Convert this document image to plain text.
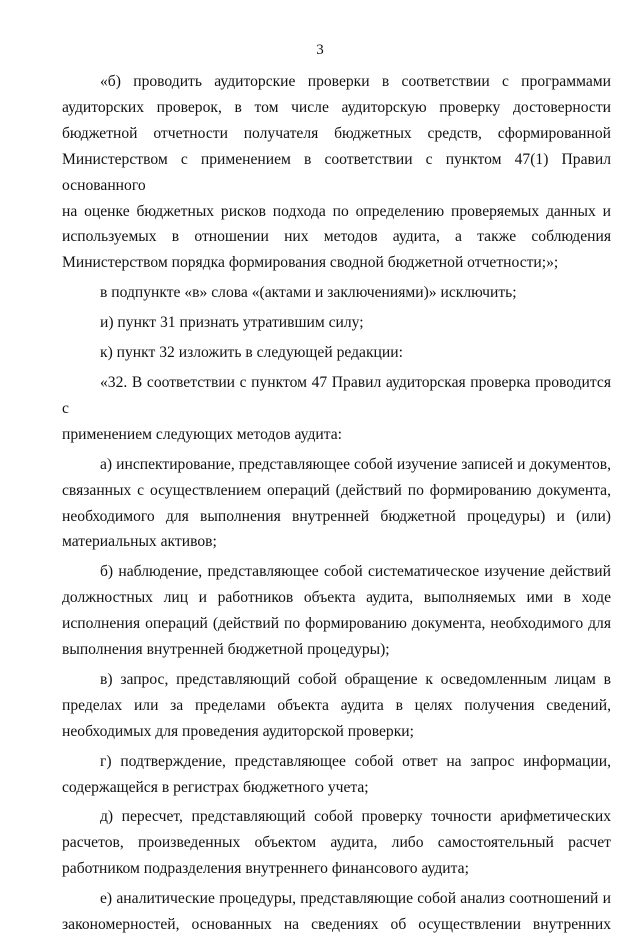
3

«б) проводить аудиторские проверки в соответствии с программами
аудиторских проверок, в том числе аудиторскую проверку достоверности
бюджетной отчетности получателя бюджетных средств, сформированной
Министерством с применением в соответствии с пунктом 47(1) Правил основанного
на оценке бюджетных рисков подхода по определению проверяемых данных и
используемых в отношении них методов аудита, а также соблюдения
Министерством порядка формирования сводной бюджетной отчетности;»;

в подпункте «в» слова «(актами и заключениями)» исключить;

и) пункт 31 признать утратившим силу;

к) пункт 32 изложить в следующей редакции:

«32. В соответствии с пунктом 47 Правил аудиторская проверка проводится с
применением следующих методов аудита:

а) инспектирование, представляющее собой изучение записей и документов,
связанных с осуществлением операций (действий по формированию документа,
необходимого для выполнения внутренней бюджетной процедуры) и (или)
материальных активов;

б) наблюдение, представляющее собой систематическое изучение действий
должностных лиц и работников объекта аудита, выполняемых ими в ходе
исполнения операций (действий по формированию документа, необходимого для
выполнения внутренней бюджетной процедуры);

в) запрос, представляющий собой обращение к осведомленным лицам в
пределах или за пределами объекта аудита в целях получения сведений,
необходимых для проведения аудиторской проверки;

г) подтверждение, представляющее собой ответ на запрос информации,
содержащейся в регистрах бюджетного учета;

д) пересчет, представляющий собой проверку точности арифметических
расчетов, произведенных объектом аудита, либо самостоятельный расчет
работником подразделения внутреннего финансового аудита;

е) аналитические процедуры, представляющие собой анализ соотношений и
закономерностей, основанных на сведениях об осуществлении внутренних
